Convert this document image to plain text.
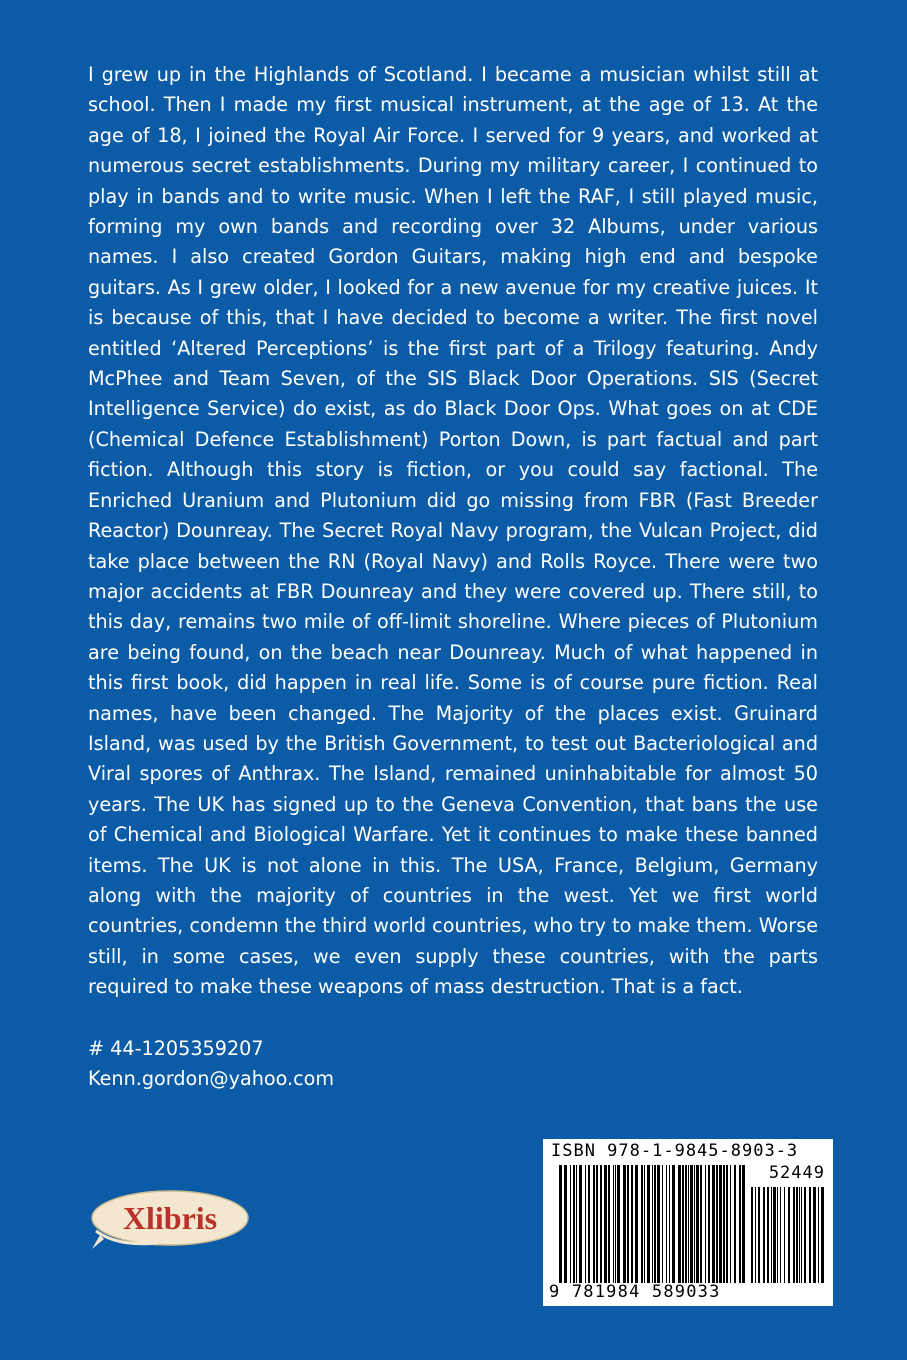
I grew up in the Highlands of Scotland. I became a musician whilst still at school. Then I made my first musical instrument, at the age of 13. At the age of 18, I joined the Royal Air Force. I served for 9 years, and worked at numerous secret establishments. During my military career, I continued to play in bands and to write music. When I left the RAF, I still played music, forming my own bands and recording over 32 Albums, under various names. I also created Gordon Guitars, making high end and bespoke guitars. As I grew older, I looked for a new avenue for my creative juices. It is because of this, that I have decided to become a writer. The first novel entitled ‘Altered Perceptions’ is the first part of a Trilogy featuring. Andy McPhee and Team Seven, of the SIS Black Door Operations. SIS (Secret Intelligence Service) do exist, as do Black Door Ops. What goes on at CDE (Chemical Defence Establishment) Porton Down, is part factual and part fiction. Although this story is fiction, or you could say factional. The Enriched Uranium and Plutonium did go missing from FBR (Fast Breeder Reactor) Dounreay. The Secret Royal Navy program, the Vulcan Project, did take place between the RN (Royal Navy) and Rolls Royce. There were two major accidents at FBR Dounreay and they were covered up. There still, to this day, remains two mile of off-limit shoreline. Where pieces of Plutonium are being found, on the beach near Dounreay. Much of what happened in this first book, did happen in real life. Some is of course pure fiction. Real names, have been changed. The Majority of the places exist. Gruinard Island, was used by the British Government, to test out Bacteriological and Viral spores of Anthrax. The Island, remained uninhabitable for almost 50 years. The UK has signed up to the Geneva Convention, that bans the use of Chemical and Biological Warfare. Yet it continues to make these banned items. The UK is not alone in this. The USA, France, Belgium, Germany along with the majority of countries in the west. Yet we first world countries, condemn the third world countries, who try to make them. Worse still, in some cases, we even supply these countries, with the parts required to make these weapons of mass destruction. That is a fact.

# 44-1205359207
Kenn.gordon@yahoo.com
Xlibris
ISBN 978-1-9845-8903-3
52449
9 781984 589033
